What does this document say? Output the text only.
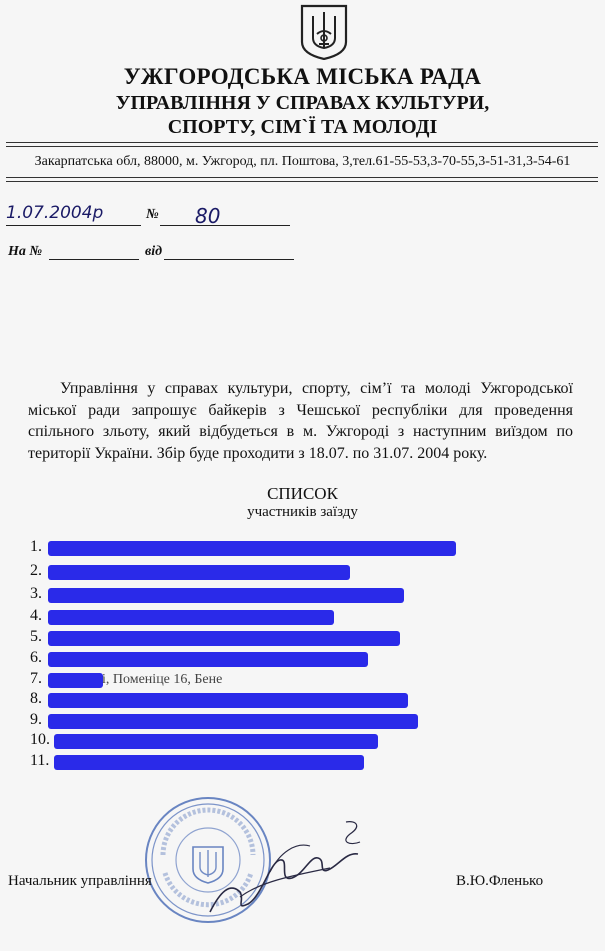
УЖГОРОДСЬКА МІСЬКА РАДА
УПРАВЛІННЯ У СПРАВАХ КУЛЬТУРИ,
СПОРТУ, СІМ`Ї ТА МОЛОДІ
Закарпатська обл, 88000, м. Ужгород, пл. Поштова, 3,тел.61-55-53,3-70-55,3-51-31,3-54-61
1.07.2004р	№ 80
На №	від
Управління у справах культури, спорту, сім’ї та молоді Ужгородської міської ради запрошує байкерів з Чешської республіки для проведення спільного зльоту, який відбудеться в м. Ужгороді з наступним виїздом по території України. Збір буде проходити з 18.07. по 31.07. 2004 року.
СПИСОК
участників заїзду
1.
2.
3.
4.
5.
6.
7.	і, Поменіце 16, Бене
8.
9.
10.
11.
Начальник управління	В.Ю.Фленько
